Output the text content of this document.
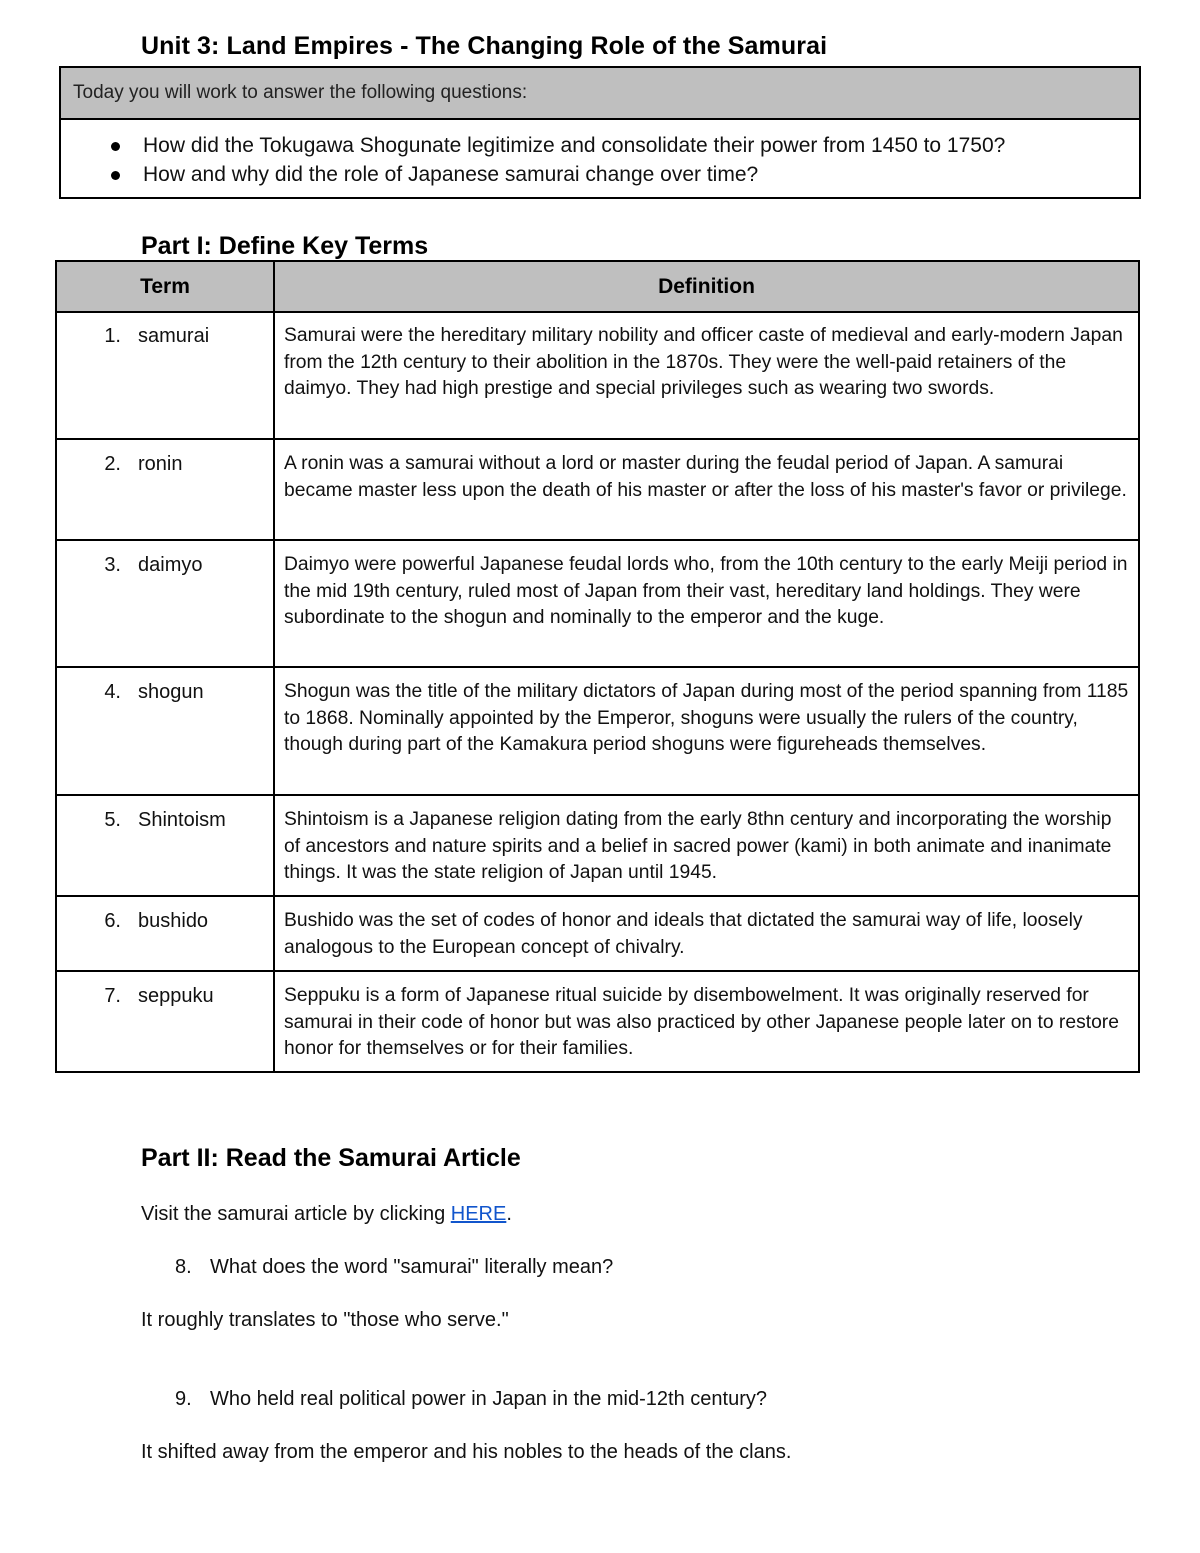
Unit 3: Land Empires - The Changing Role of the Samurai
Today you will work to answer the following questions:
How did the Tokugawa Shogunate legitimize and consolidate their power from 1450 to 1750?
How and why did the role of Japanese samurai change over time?
Part I: Define Key Terms
Term	Definition

1. samurai	Samurai were the hereditary military nobility and officer caste of medieval and early-modern Japan from the 12th century to their abolition in the 1870s. They were the well-paid retainers of the daimyo. They had high prestige and special privileges such as wearing two swords.

2. ronin	A ronin was a samurai without a lord or master during the feudal period of Japan. A samurai became master less upon the death of his master or after the loss of his master's favor or privilege.

3. daimyo	Daimyo were powerful Japanese feudal lords who, from the 10th century to the early Meiji period in the mid 19th century, ruled most of Japan from their vast, hereditary land holdings. They were subordinate to the shogun and nominally to the emperor and the kuge.

4. shogun	Shogun was the title of the military dictators of Japan during most of the period spanning from 1185 to 1868. Nominally appointed by the Emperor, shoguns were usually the rulers of the country, though during part of the Kamakura period shoguns were figureheads themselves.

5. Shintoism	Shintoism is a Japanese religion dating from the early 8thn century and incorporating the worship of ancestors and nature spirits and a belief in sacred power (kami) in both animate and inanimate things. It was the state religion of Japan until 1945.

6. bushido	Bushido was the set of codes of honor and ideals that dictated the samurai way of life, loosely analogous to the European concept of chivalry.

7. seppuku	Seppuku is a form of Japanese ritual suicide by disembowelment. It was originally reserved for samurai in their code of honor but was also practiced by other Japanese people later on to restore honor for themselves or for their families.
Part II: Read the Samurai Article

Visit the samurai article by clicking HERE.

8. What does the word "samurai" literally mean?

It roughly translates to "those who serve."

9. Who held real political power in Japan in the mid-12th century?

It shifted away from the emperor and his nobles to the heads of the clans.
